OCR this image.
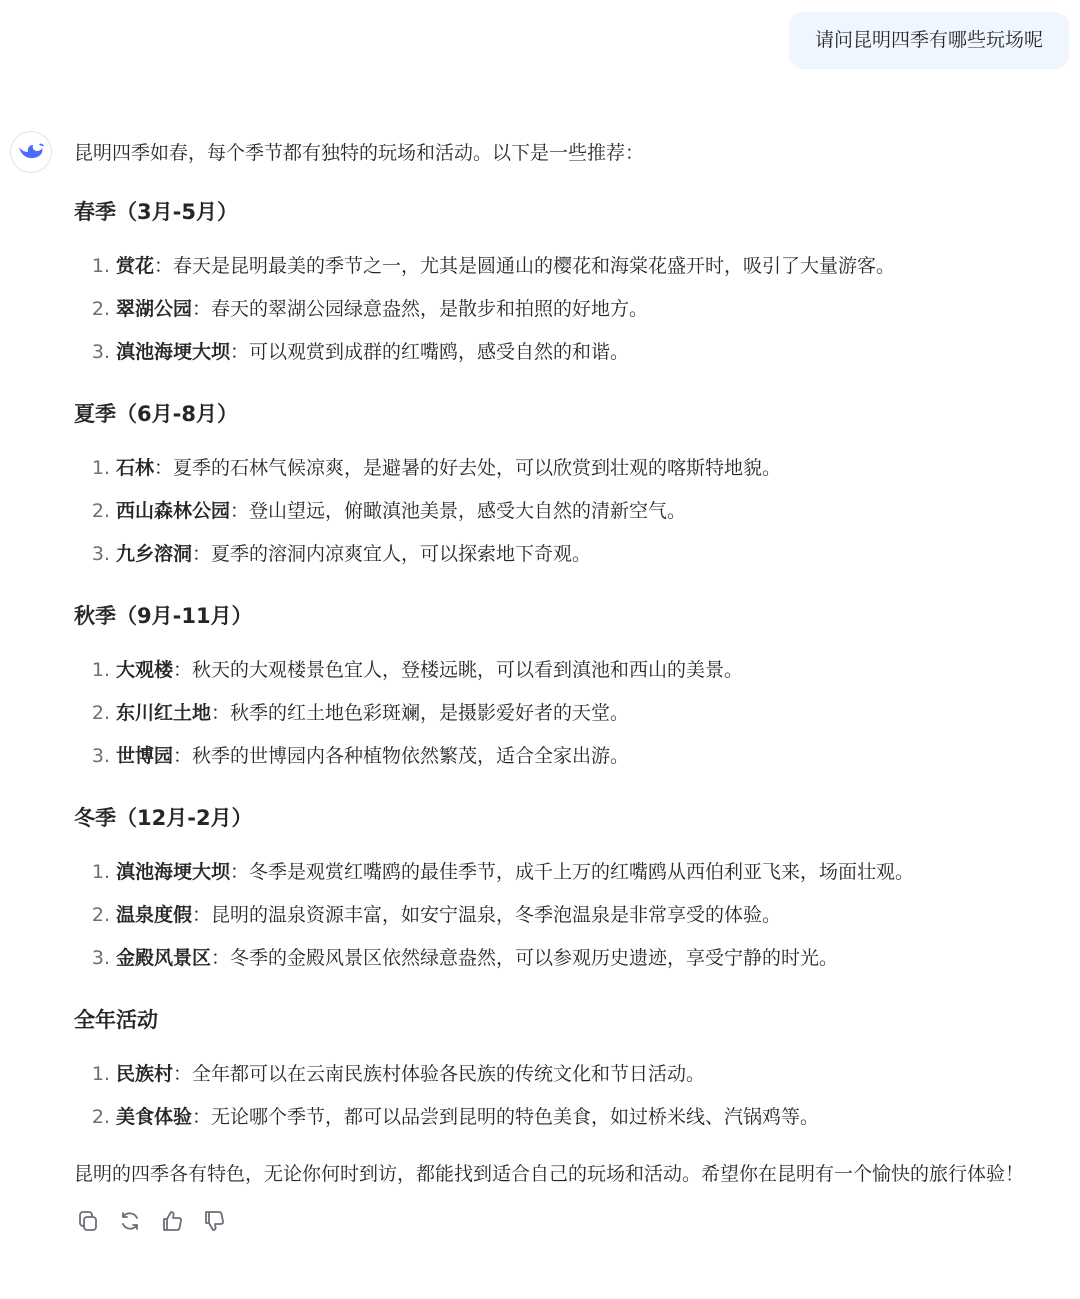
请问昆明四季有哪些玩场呢

昆明四季如春，每个季节都有独特的玩场和活动。以下是一些推荐：

春季（3月-5月）
1 . 赏花：春天是昆明最美的季节之一，尤其是圆通山的樱花和海棠花盛开时，吸引了大量游客。
2 . 翠湖公园：春天的翠湖公园绿意盎然，是散步和拍照的好地方。
3 . 滇池海埂大坝：可以观赏到成群的红嘴鸥，感受自然的和谐。
夏季（6月-8月）
1 . 石林：夏季的石林气候凉爽，是避暑的好去处，可以欣赏到壮观的喀斯特地貌。
2 . 西山森林公园：登山望远，俯瞰滇池美景，感受大自然的清新空气。
3 . 九乡溶洞：夏季的溶洞内凉爽宜人，可以探索地下奇观。
秋季（9月-11月）
1 . 大观楼：秋天的大观楼景色宜人，登楼远眺，可以看到滇池和西山的美景。
2 . 东川红土地：秋季的红土地色彩斑斓，是摄影爱好者的天堂。
3 . 世博园：秋季的世博园内各种植物依然繁茂，适合全家出游。
冬季（12月-2月）
1 . 滇池海埂大坝：冬季是观赏红嘴鸥的最佳季节，成千上万的红嘴鸥从西伯利亚飞来，场面壮观。
2 . 温泉度假：昆明的温泉资源丰富，如安宁温泉，冬季泡温泉是非常享受的体验。
3 . 金殿风景区：冬季的金殿风景区依然绿意盎然，可以参观历史遗迹，享受宁静的时光。
全年活动
1 . 民族村：全年都可以在云南民族村体验各民族的传统文化和节日活动。
2 . 美食体验：无论哪个季节，都可以品尝到昆明的特色美食，如过桥米线、汽锅鸡等。

昆明的四季各有特色，无论你何时到访，都能找到适合自己的玩场和活动。希望你在昆明有一个愉快的旅行体验！
